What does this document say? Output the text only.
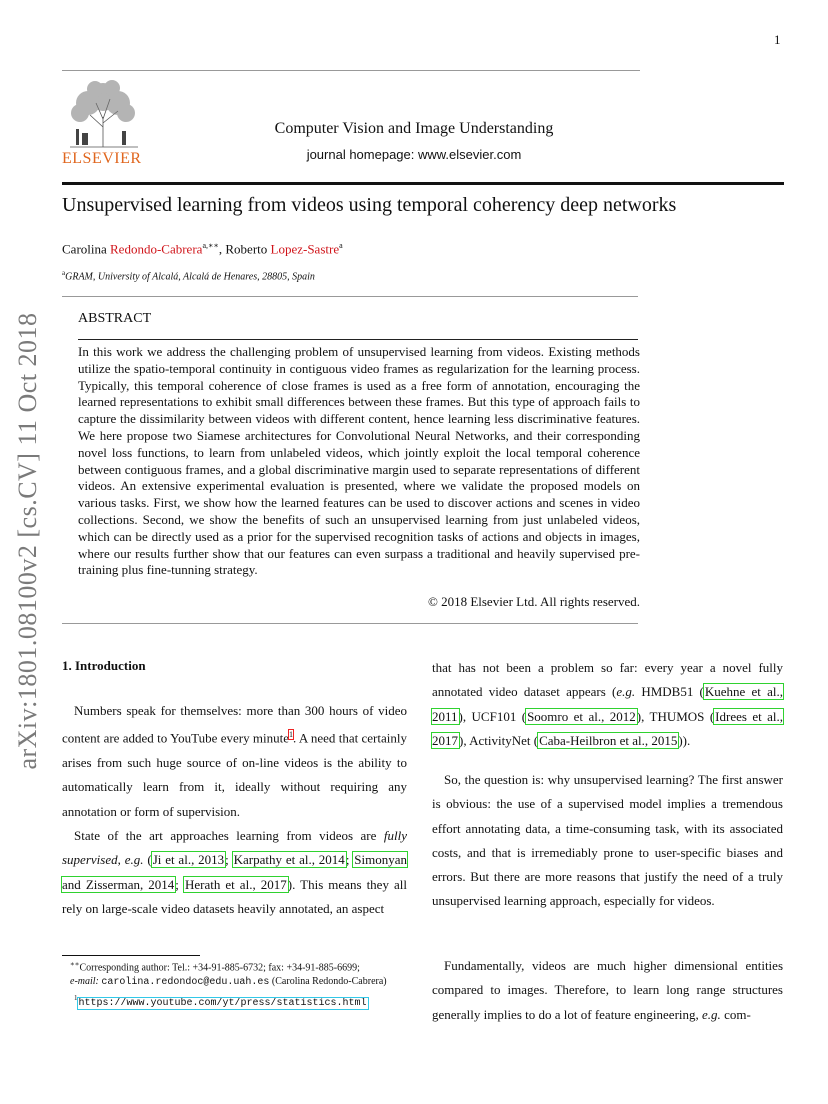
1
ELSEVIER
Computer Vision and Image Understanding
journal homepage: www.elsevier.com
Unsupervised learning from videos using temporal coherency deep networks
Carolina Redondo-Cabrera$^{a,∗∗}$, Roberto Lopez-Sastre$^a$
$^a$GRAM, University of Alcalá, Alcalá de Henares, 28805, Spain
ABSTRACT
In this work we address the challenging problem of unsupervised learning from videos. Existing methods utilize the spatio-temporal continuity in contiguous video frames as regularization for the learning process. Typically, this temporal coherence of close frames is used as a free form of annotation, encouraging the learned representations to exhibit small differences between these frames. But this type of approach fails to capture the dissimilarity between videos with different content, hence learning less discriminative features. We here propose two Siamese architectures for Convolutional Neural Networks, and their corresponding novel loss functions, to learn from unlabeled videos, which jointly exploit the local temporal coherence between contiguous frames, and a global discriminative margin used to separate representations of different videos. An extensive experimental evaluation is presented, where we validate the proposed models on various tasks. First, we show how the learned features can be used to discover actions and scenes in video collections. Second, we show the benefits of such an unsupervised learning from just unlabeled videos, which can be directly used as a prior for the supervised recognition tasks of actions and objects in images, where our results further show that our features can even surpass a traditional and heavily supervised pre-training plus fine-tunning strategy.
© 2018 Elsevier Ltd. All rights reserved.
arXiv:1801.08100v2 [cs.CV] 11 Oct 2018 1. Introduction
Numbers speak for themselves: more than 300 hours of video content are added to YouTube every minute$^1$. A need that certainly arises from such huge source of on-line videos is the ability to automatically learn from it, ideally without requiring any annotation or form of supervision.
State of the art approaches learning from videos are fully supervised, e.g. (Ji et al., 2013; Karpathy et al., 2014; Simonyan and Zisserman, 2014; Herath et al., 2017). This means they all rely on large-scale video datasets heavily annotated, an aspect
that has not been a problem so far: every year a novel fully annotated video dataset appears (e.g. HMDB51 (Kuehne et al., 2011), UCF101 (Soomro et al., 2012), THUMOS (Idrees et al., 2017), ActivityNet (Caba-Heilbron et al., 2015)).
So, the question is: why unsupervised learning? The first answer is obvious: the use of a supervised model implies a tremendous effort annotating data, a time-consuming task, with its associated costs, and that is irremediably prone to user-specific biases and errors. But there are more reasons that justify the need of a truly unsupervised learning approach, especially for videos.
Fundamentally, videos are much higher dimensional entities compared to images. Therefore, to learn long range structures generally implies to do a lot of feature engineering, e.g. com-
∗∗Corresponding author: Tel.: +34-91-885-6732; fax: +34-91-885-6699;
e-mail: carolina.redondoc@edu.uah.es (Carolina Redondo-Cabrera)
$^1$https://www.youtube.com/yt/press/statistics.html
